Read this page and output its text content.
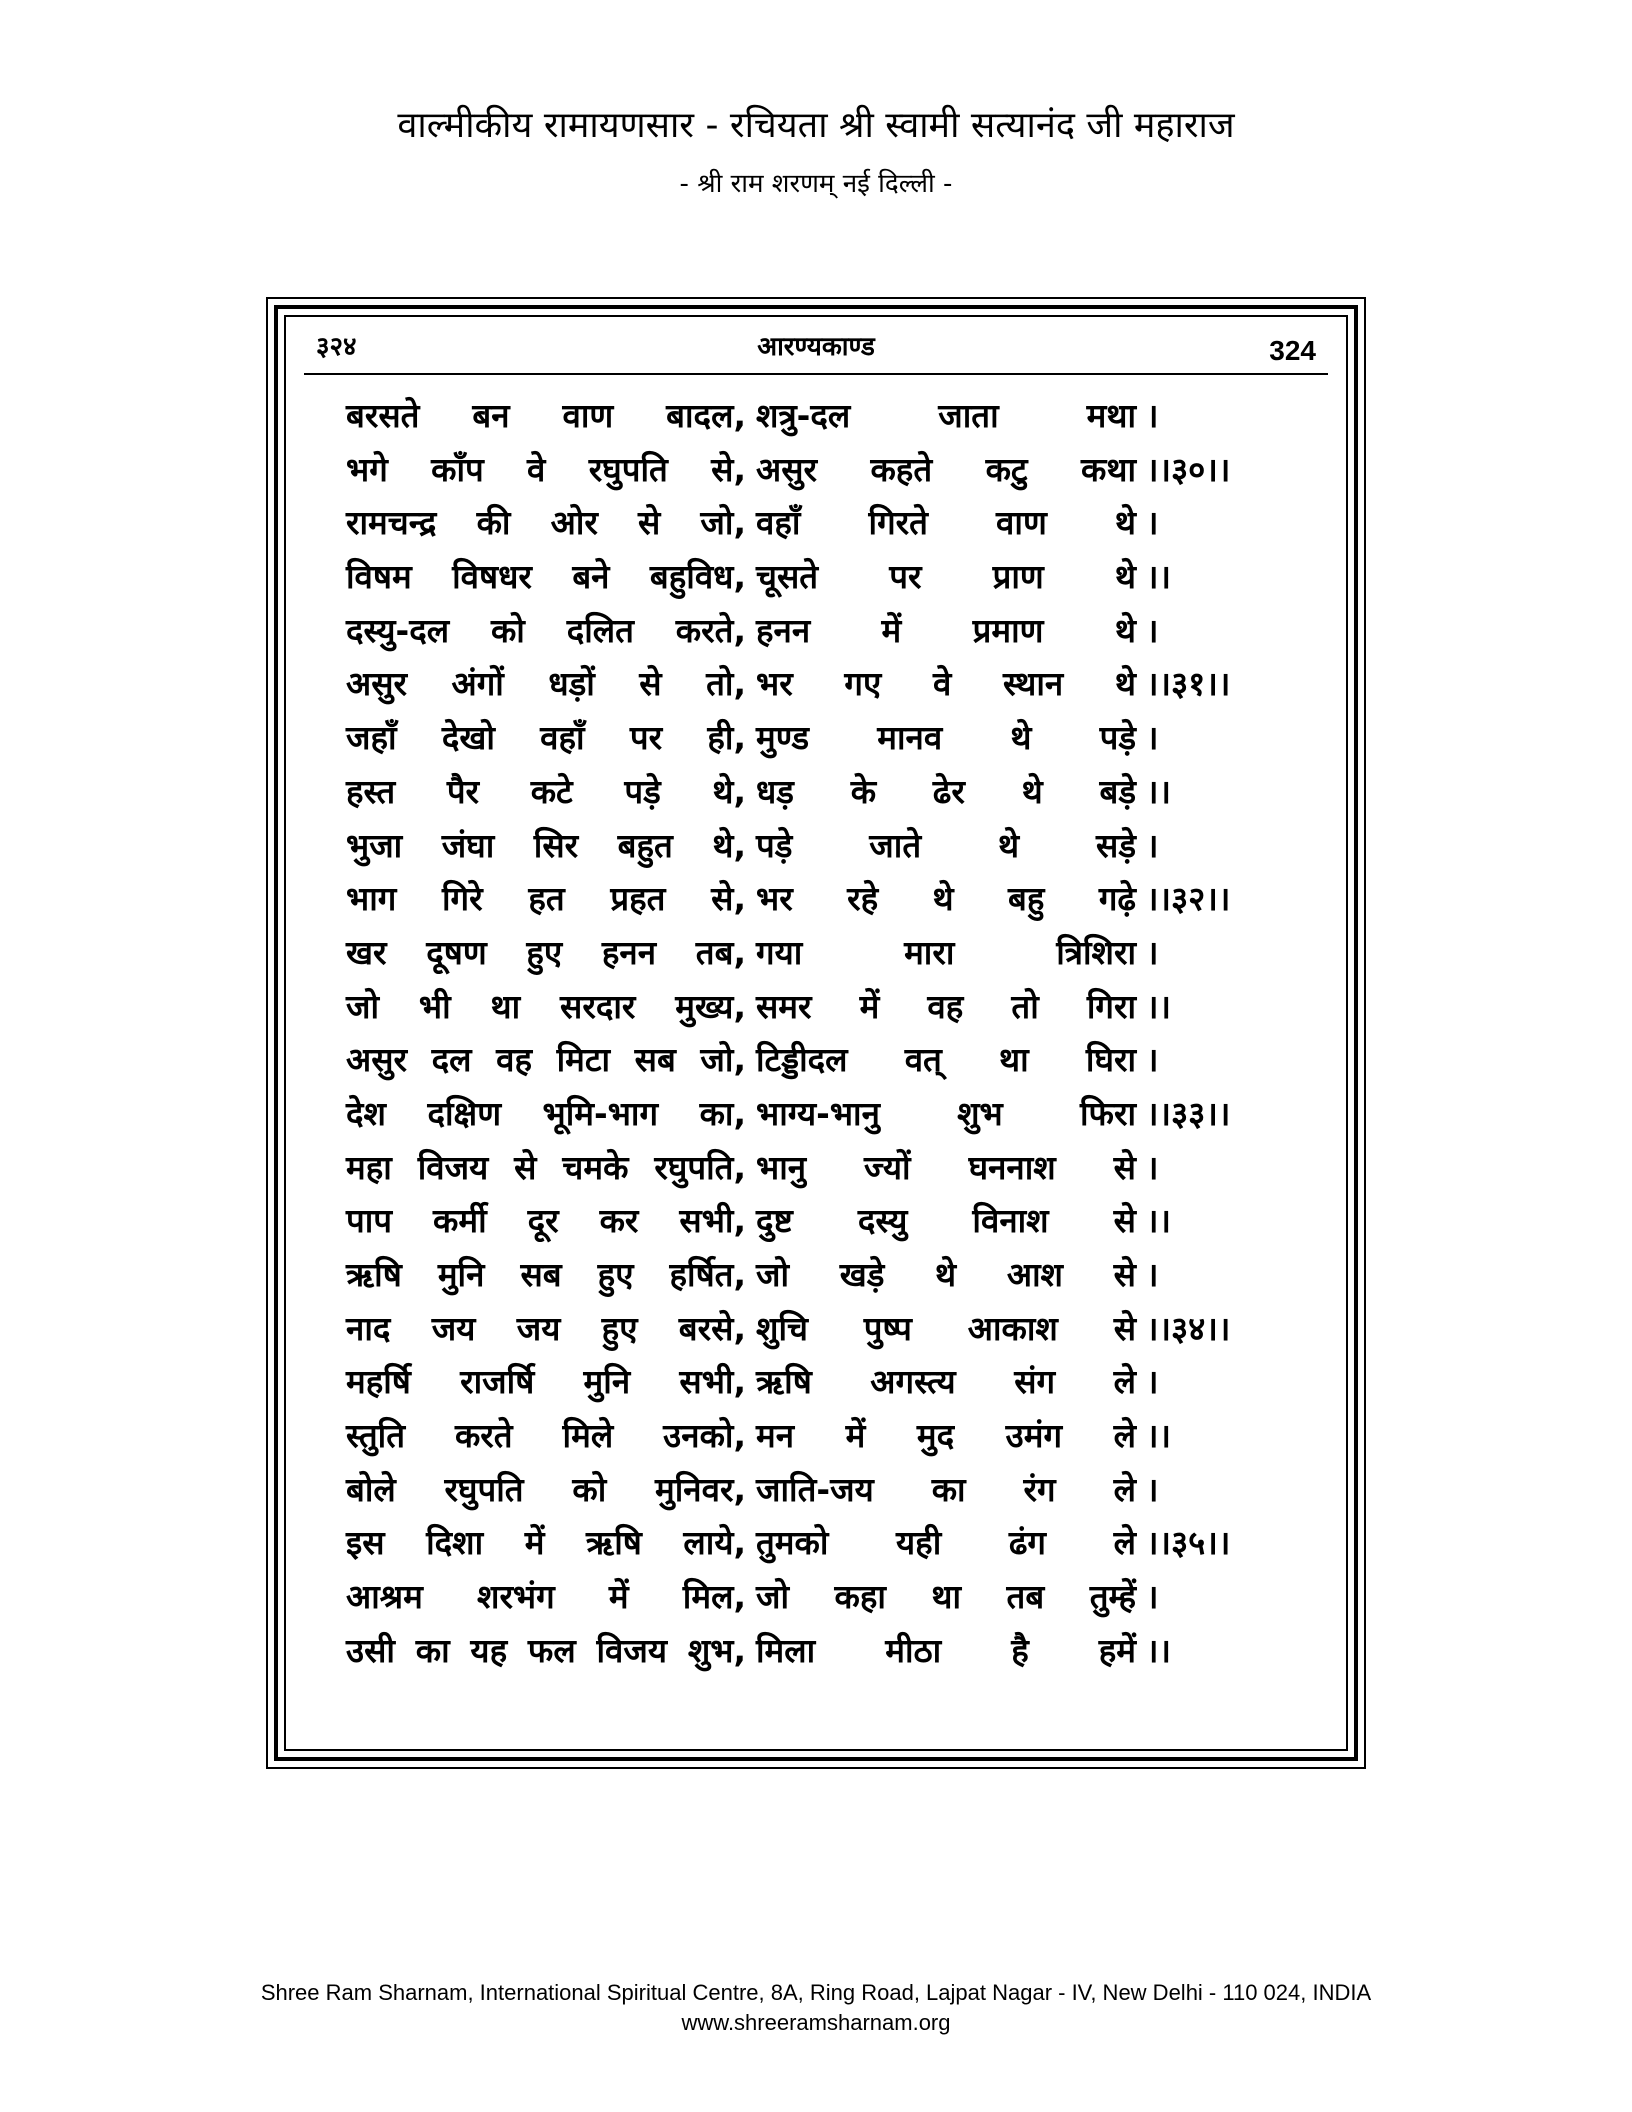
वाल्मीकीय रामायणसार - रचियता श्री स्वामी सत्यानंद जी महाराज
- श्री राम शरणम् नई दिल्ली -
३२४	आरण्यकाण्ड	324
बरसते बन वाण बादल, शत्रु-दल जाता मथा ।
भगे काँप वे रघुपति से, असुर कहते कटु कथा ।।३०।।
रामचन्द्र की ओर से जो, वहाँ गिरते वाण थे ।
विषम विषधर बने बहुविध, चूसते पर प्राण थे ।।
दस्यु-दल को दलित करते, हनन में प्रमाण थे ।
असुर अंगों धड़ों से तो, भर गए वे स्थान थे ।।३१।।
जहाँ देखो वहाँ पर ही, मुण्ड मानव थे पड़े ।
हस्त पैर कटे पड़े थे, धड़ के ढेर थे बड़े ।।
भुजा जंघा सिर बहुत थे, पड़े जाते थे सड़े ।
भाग गिरे हत प्रहत से, भर रहे थे बहु गढ़े ।।३२।।
खर दूषण हुए हनन तब, गया मारा त्रिशिरा ।
जो भी था सरदार मुख्य, समर में वह तो गिरा ।।
असुर दल वह मिटा सब जो, टिड्डीदल वत् था घिरा ।
देश दक्षिण भूमि-भाग का, भाग्य-भानु शुभ फिरा ।।३३।।
महा विजय से चमके रघुपति, भानु ज्यों घननाश से ।
पाप कर्मी दूर कर सभी, दुष्ट दस्यु विनाश से ।।
ऋषि मुनि सब हुए हर्षित, जो खड़े थे आश से ।
नाद जय जय हुए बरसे, शुचि पुष्प आकाश से ।।३४।।
महर्षि राजर्षि मुनि सभी, ऋषि अगस्त्य संग ले ।
स्तुति करते मिले उनको, मन में मुद उमंग ले ।।
बोले रघुपति को मुनिवर, जाति-जय का रंग ले ।
इस दिशा में ऋषि लाये, तुमको यही ढंग ले ।।३५।।
आश्रम शरभंग में मिल, जो कहा था तब तुम्हें ।
उसी का यह फल विजय शुभ, मिला मीठा है हमें ।।
Shree Ram Sharnam, International Spiritual Centre, 8A, Ring Road, Lajpat Nagar - IV, New Delhi - 110 024, INDIA
www.shreeramsharnam.org
